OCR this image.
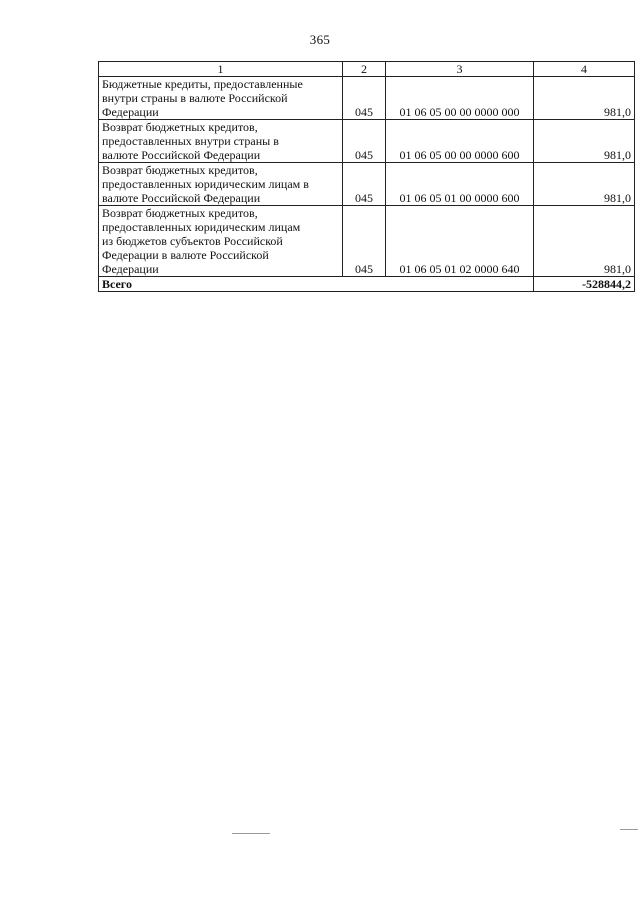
365
1	2	3	4
Бюджетные кредиты, предоставленные
внутри страны в валюте Российской
Федерации	045	01 06 05 00 00 0000 000	981,0
Возврат бюджетных кредитов,
предоставленных внутри страны в
валюте Российской Федерации	045	01 06 05 00 00 0000 600	981,0
Возврат бюджетных кредитов,
предоставленных юридическим лицам в
валюте Российской Федерации	045	01 06 05 01 00 0000 600	981,0
Возврат бюджетных кредитов,
предоставленных юридическим лицам
из бюджетов субъектов Российской
Федерации в валюте Российской
Федерации	045	01 06 05 01 02 0000 640	981,0
Всего			-528844,2
